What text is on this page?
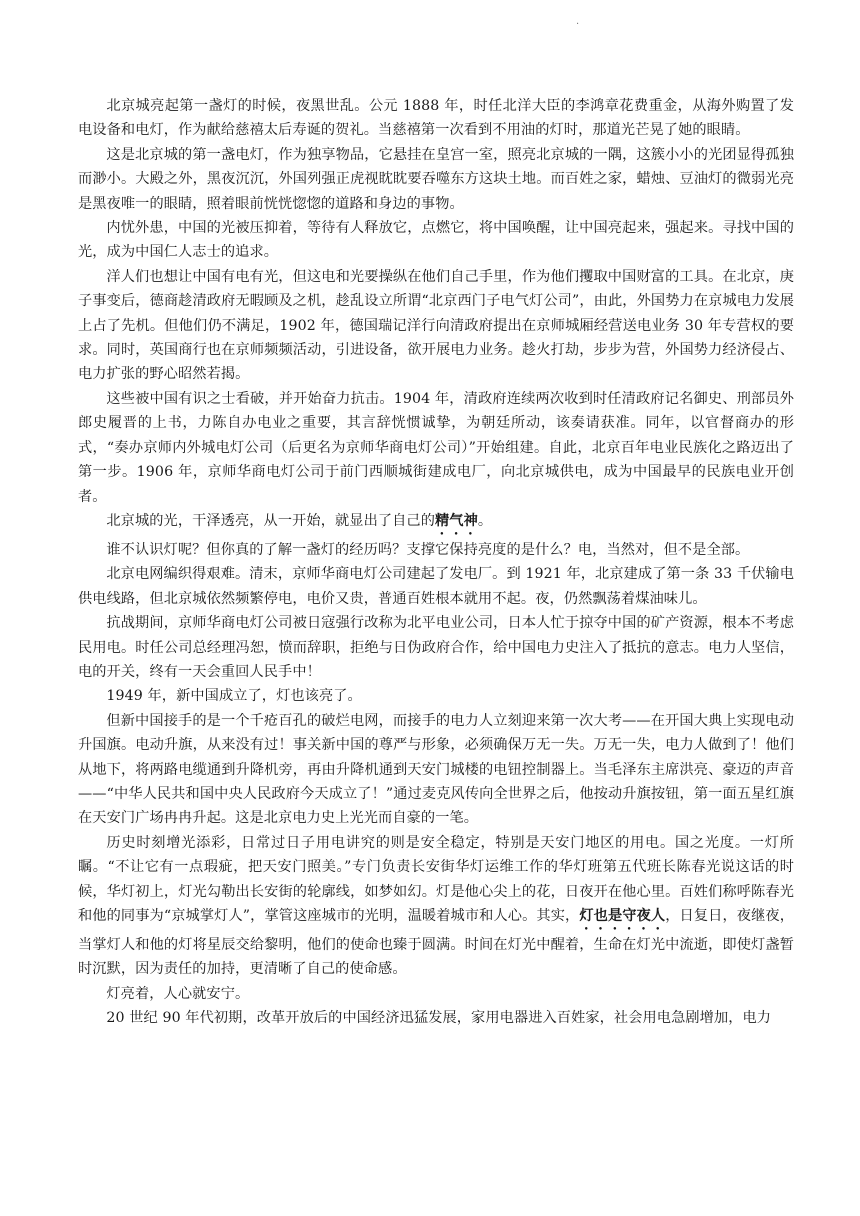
.

北京城亮起第一盏灯的时候，夜黑世乱。公元 1888 年，时任北洋大臣的李鸿章花费重金，从海外购置了发电设备和电灯，作为献给慈禧太后寿诞的贺礼。当慈禧第一次看到不用油的灯时，那道光芒晃了她的眼睛。

这是北京城的第一盏电灯，作为独享物品，它悬挂在皇宫一室，照亮北京城的一隅，这簇小小的光团显得孤独而渺小。大殿之外，黑夜沉沉，外国列强正虎视眈眈要吞噬东方这块土地。而百姓之家，蜡烛、豆油灯的微弱光亮是黑夜唯一的眼睛，照着眼前恍恍惚惚的道路和身边的事物。

内忧外患，中国的光被压抑着，等待有人释放它，点燃它，将中国唤醒，让中国亮起来，强起来。寻找中国的光，成为中国仁人志士的追求。

洋人们也想让中国有电有光，但这电和光要操纵在他们自己手里，作为他们攫取中国财富的工具。在北京，庚子事变后，德商趁清政府无暇顾及之机，趁乱设立所谓“北京西门子电气灯公司”，由此，外国势力在京城电力发展上占了先机。但他们仍不满足，1902 年，德国瑞记洋行向清政府提出在京师城厢经营送电业务 30 年专营权的要求。同时，英国商行也在京师频频活动，引进设备，欲开展电力业务。趁火打劫，步步为营，外国势力经济侵占、电力扩张的野心昭然若揭。

这些被中国有识之士看破，并开始奋力抗击。1904 年，清政府连续两次收到时任清政府记名御史、刑部员外郎史履晋的上书，力陈自办电业之重要，其言辞恍惯诚挚，为朝廷所动，该奏请获准。同年，以官督商办的形式，“奏办京师内外城电灯公司（后更名为京师华商电灯公司）”开始组建。自此，北京百年电业民族化之路迈出了第一步。1906 年，京师华商电灯公司于前门西顺城街建成电厂，向北京城供电，成为中国最早的民族电业开创者。

北京城的光，干泽透亮，从一开始，就显出了自己的精气神。

谁不认识灯呢？但你真的了解一盏灯的经历吗？支撑它保持亮度的是什么？电，当然对，但不是全部。

北京电网编织得艰难。清末，京师华商电灯公司建起了发电厂。到 1921 年，北京建成了第一条 33 千伏输电供电线路，但北京城依然频繁停电，电价又贵，普通百姓根本就用不起。夜，仍然飘荡着煤油味儿。

抗战期间，京师华商电灯公司被日寇强行改称为北平电业公司，日本人忙于掠夺中国的矿产资源，根本不考虑民用电。时任公司总经理冯恕，愤而辞职，拒绝与日伪政府合作，给中国电力史注入了抵抗的意志。电力人坚信，电的开关，终有一天会重回人民手中！

1949 年，新中国成立了，灯也该亮了。

但新中国接手的是一个千疮百孔的破烂电网，而接手的电力人立刻迎来第一次大考——在开国大典上实现电动升国旗。电动升旗，从来没有过！事关新中国的尊严与形象，必须确保万无一失。万无一失，电力人做到了！他们从地下，将两路电缆通到升降机旁，再由升降机通到天安门城楼的电钮控制器上。当毛泽东主席洪亮、豪迈的声音——“中华人民共和国中央人民政府今天成立了！”通过麦克风传向全世界之后，他按动升旗按钮，第一面五星红旗在天安门广场冉冉升起。这是北京电力史上光光而自豪的一笔。

历史时刻增光添彩，日常过日子用电讲究的则是安全稳定，特别是天安门地区的用电。国之光度。一灯所瞩。“不让它有一点瑕疵，把天安门照美。”专门负责长安街华灯运维工作的华灯班第五代班长陈春光说这话的时候，华灯初上，灯光勾勒出长安街的轮廓线，如梦如幻。灯是他心尖上的花，日夜开在他心里。百姓们称呼陈春光和他的同事为“京城掌灯人”，掌管这座城市的光明，温暖着城市和人心。其实，灯也是守夜人，日复日，夜继夜，当掌灯人和他的灯将星辰交给黎明，他们的使命也臻于圆满。时间在灯光中醒着，生命在灯光中流逝，即使灯盏暂时沉默，因为责任的加持，更清晰了自己的使命感。

灯亮着，人心就安宁。

20 世纪 90 年代初期，改革开放后的中国经济迅猛发展，家用电器进入百姓家，社会用电急剧增加，电力
